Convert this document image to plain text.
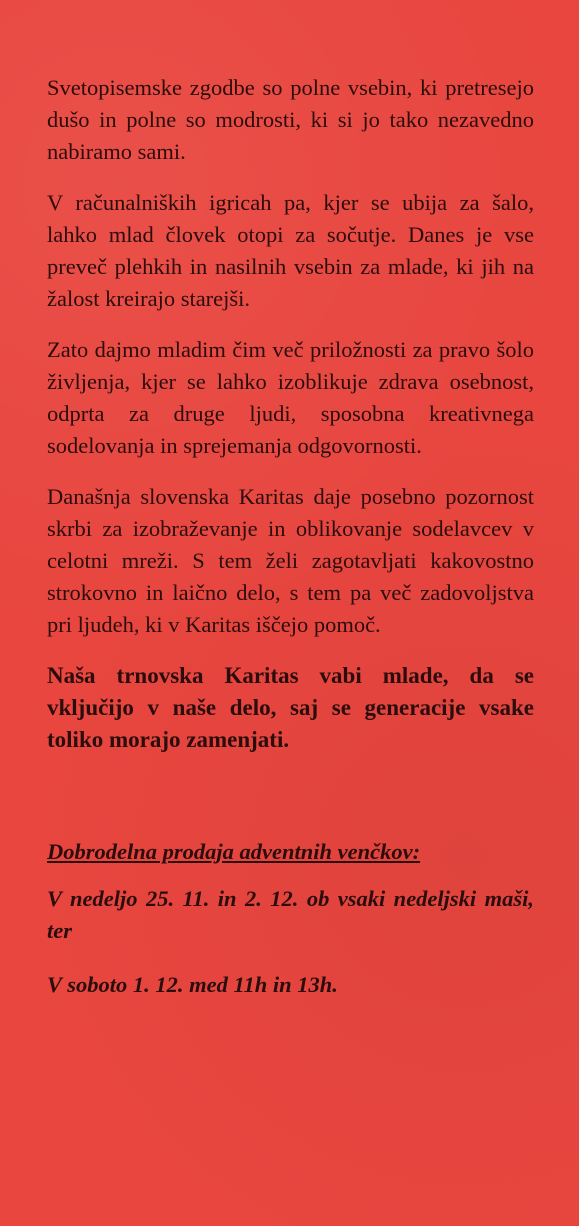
Svetopisemske zgodbe so polne vsebin, ki pretresejo dušo in polne so modrosti, ki si jo tako nezavedno nabiramo sami.

V računalniških igricah pa, kjer se ubija za šalo, lahko mlad človek otopi za sočutje. Danes je vse preveč plehkih in nasilnih vsebin za mlade, ki jih na žalost kreirajo starejši.

Zato dajmo mladim čim več priložnosti za pravo šolo življenja, kjer se lahko izoblikuje zdrava osebnost, odprta za druge ljudi, sposobna kreativnega sodelovanja in sprejemanja odgovornosti.

Današnja slovenska Karitas daje posebno pozornost skrbi za izobraževanje in oblikovanje sodelavcev v celotni mreži. S tem želi zagotavljati kakovostno strokovno in laično delo, s tem pa več zadovoljstva pri ljudeh, ki v Karitas iščejo pomoč.

Naša trnovska Karitas vabi mlade, da se vključijo v naše delo, saj se generacije vsake toliko morajo zamenjati.

Dobrodelna prodaja adventnih venčkov:

V nedeljo 25. 11. in 2. 12. ob vsaki nedeljski maši, ter

V soboto 1. 12. med 11h in 13h.
